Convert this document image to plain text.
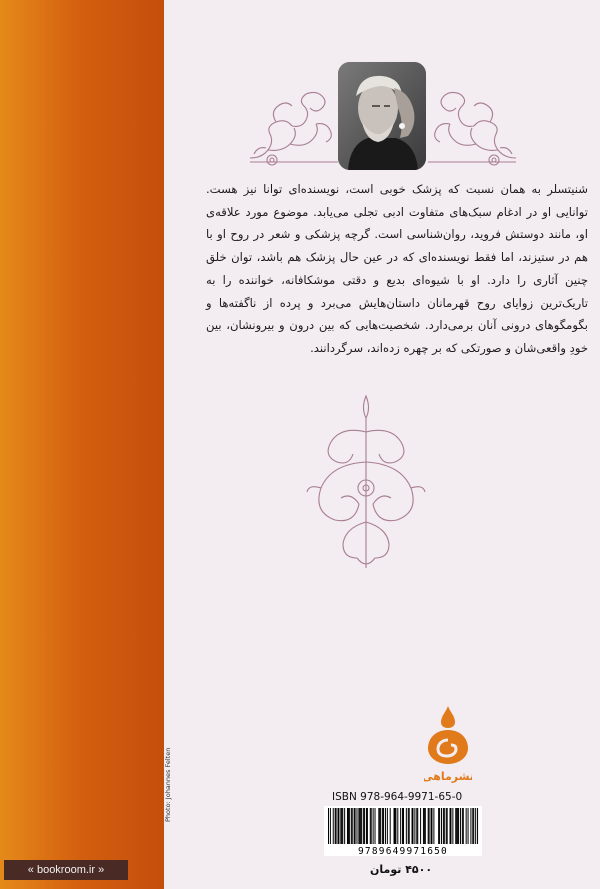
شنیتسلر به همان نسبت که پزشک خوبی است، نویسنده‌ای توانا نیز هست. توانایی او در ادغام سبک‌های متفاوت ادبی تجلی می‌یابد. موضوع مورد علاقه‌ی او، مانند دوستش فروید، روان‌شناسی است. گرچه پزشکی و شعر در روح او با هم در ستیزند، اما فقط نویسنده‌ای که در عین حال پزشک هم باشد، توان خلق چنین آثاری را دارد. او با شیوه‌ای بدیع و دقتی موشکافانه، خواننده را به تاریک‌ترین زوایای روح قهرمانان داستان‌هایش می‌برد و پرده از ناگفته‌ها و بگومگوهای درونی آنان برمی‌دارد. شخصیت‌هایی که بین درون و بیرونشان، بین خودِ واقعی‌شان و صورتکی که بر چهره زده‌اند، سرگردانند.

نشرماهی
Photo: Johannes Felten	ISBN 978-964-9971-65-0
9789649971650
۴۵۰۰ تومان
« bookroom.ir »
